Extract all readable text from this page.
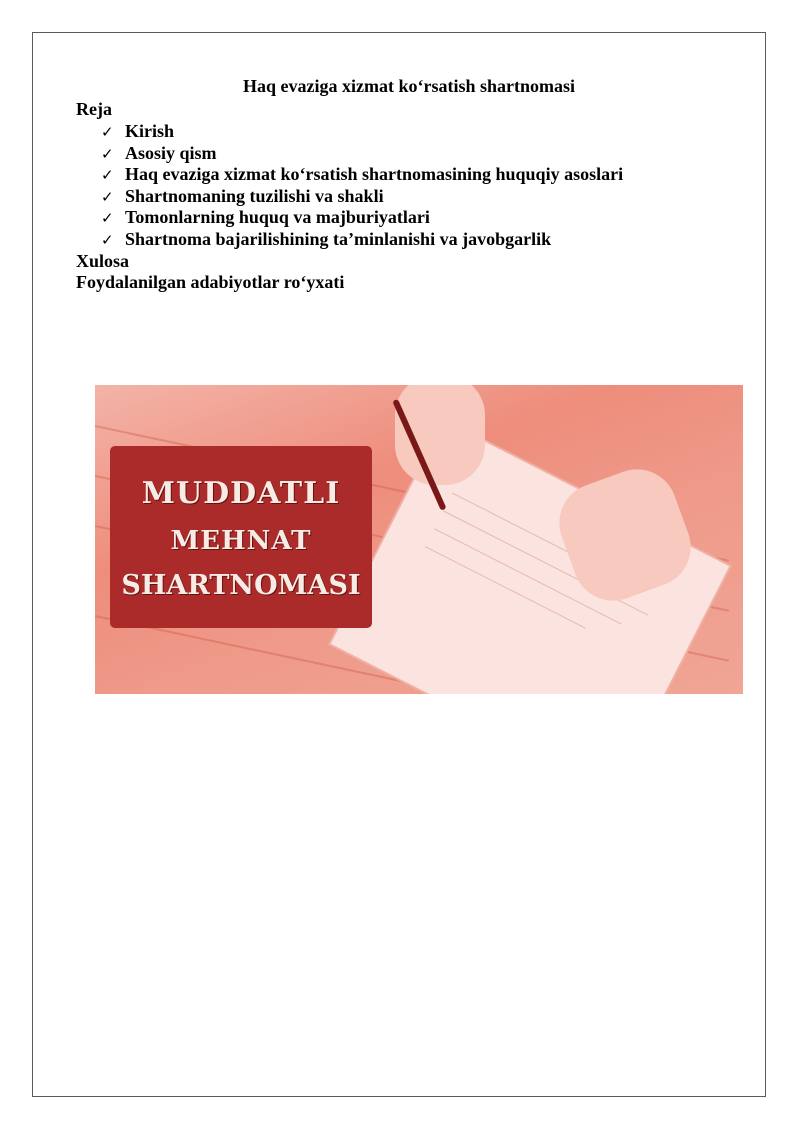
Haq evaziga xizmat ko‘rsatish shartnomasi
Reja
✓ Kirish
✓ Asosiy qism
✓ Haq evaziga xizmat ko‘rsatish shartnomasining huquqiy asoslari
✓ Shartnomaning tuzilishi va shakli
✓ Tomonlarning huquq va majburiyatlari
✓ Shartnoma bajarilishining ta’minlanishi va javobgarlik
Xulosa
Foydalanilgan adabiyotlar ro‘yxati
MUDDATLI
MEHNAT
SHARTNOMASI
